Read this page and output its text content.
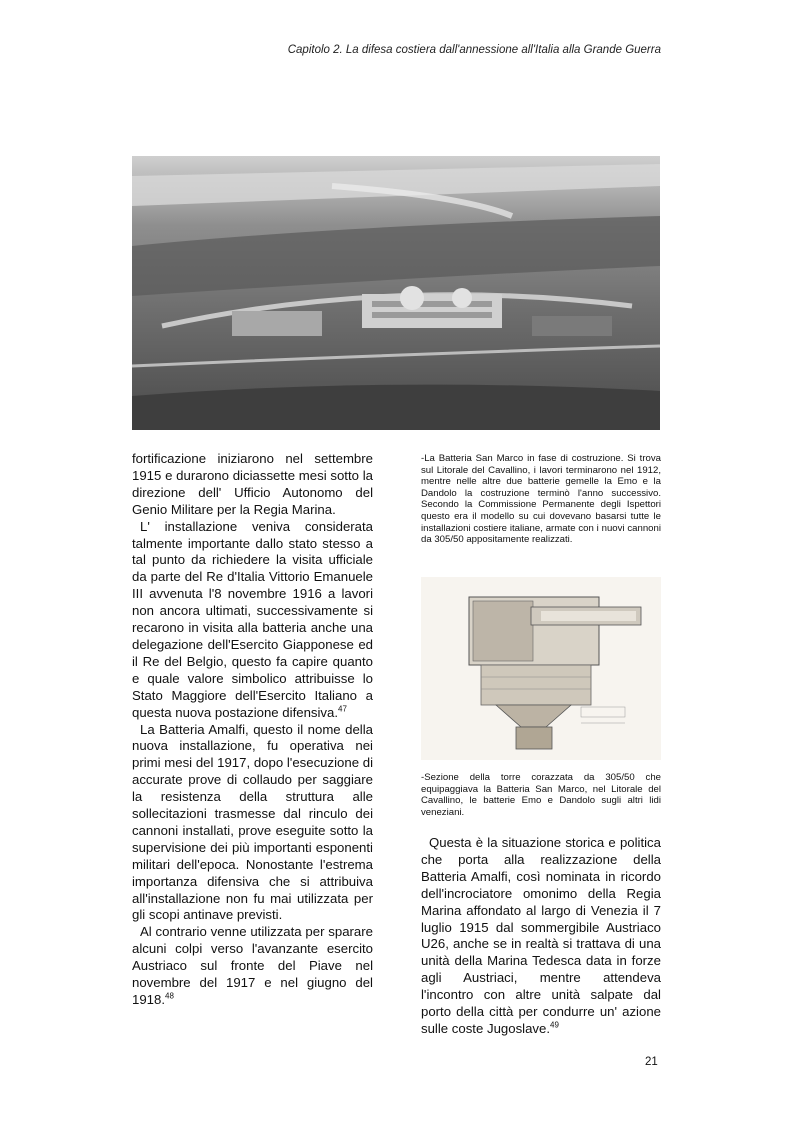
Capitolo 2. La difesa costiera dall'annessione all'Italia alla Grande Guerra

fortificazione iniziarono nel settembre 1915 e durarono diciassette mesi sotto la direzione dell' Ufficio Autonomo del Genio Militare per la Regia Marina.

L' installazione veniva considerata talmente importante dallo stato stesso a tal punto da richiedere la visita ufficiale da parte del Re d'Italia Vittorio Emanuele III avvenuta l'8 novembre 1916 a lavori non ancora ultimati, successivamente si recarono in visita alla batteria anche una delegazione dell'Esercito Giapponese ed il Re del Belgio, questo fa capire quanto e quale valore simbolico attribuisse lo Stato Maggiore dell'Esercito Italiano a questa nuova postazione difensiva.$^{47}$

La Batteria Amalfi, questo il nome della nuova installazione, fu operativa nei primi mesi del 1917, dopo l'esecuzione di accurate prove di collaudo per saggiare la resistenza della struttura alle sollecitazioni trasmesse dal rinculo dei cannoni installati, prove eseguite sotto la supervisione dei più importanti esponenti militari dell'epoca. Nonostante l'estrema importanza difensiva che si attribuiva all'installazione non fu mai utilizzata per gli scopi antinave previsti.

Al contrario venne utilizzata per sparare alcuni colpi verso l'avanzante esercito Austriaco sul fronte del Piave nel novembre del 1917 e nel giugno del 1918.48

-La Batteria San Marco in fase di costruzione. Si trova sul Litorale del Cavallino, i lavori terminarono nel 1912, mentre nelle altre due batterie gemelle la Emo e la Dandolo la costruzione terminò l'anno successivo. Secondo la Commissione Permanente degli Ispettori questo era il modello su cui dovevano basarsi tutte le installazioni costiere italiane, armate con i nuovi cannoni da 305/50 appositamente realizzati.
-Sezione della torre corazzata da 305/50 che equipaggiava la Batteria San Marco, nel Litorale del Cavallino, le batterie Emo e Dandolo sugli altri lidi veneziani.
Questa è la situazione storica e politica che porta alla realizzazione della Batteria Amalfi, così nominata in ricordo dell'incrociatore omonimo della Regia Marina affondato al largo di Venezia il 7 luglio 1915 dal sommergibile Austriaco U26, anche se in realtà si trattava di una unità della Marina Tedesca data in forze agli Austriaci, mentre attendeva l'incontro con altre unità salpate dal porto della città per condurre un' azione sulle coste Jugoslave.$^{49}$
21
